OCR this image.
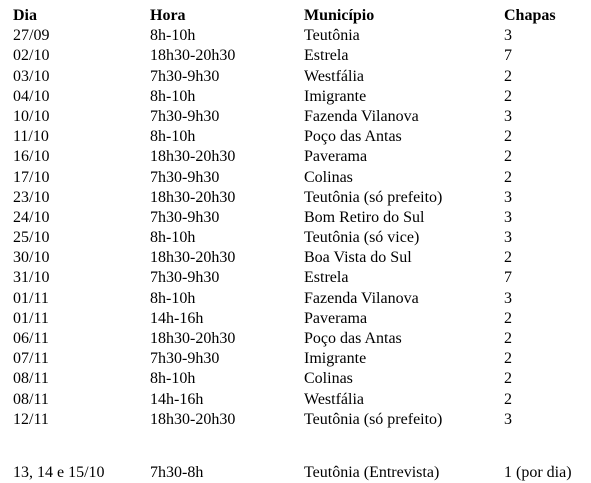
Dia	Hora	Município	Chapas
27/09	8h-10h	Teutônia	3
02/10	18h30-20h30	Estrela	7
03/10	7h30-9h30	Westfália	2
04/10	8h-10h	Imigrante	2
10/10	7h30-9h30	Fazenda Vilanova	3
11/10	8h-10h	Poço das Antas	2
16/10	18h30-20h30	Paverama	2
17/10	7h30-9h30	Colinas	2
23/10	18h30-20h30	Teutônia (só prefeito)	3
24/10	7h30-9h30	Bom Retiro do Sul	3
25/10	8h-10h	Teutônia (só vice)	3
30/10	18h30-20h30	Boa Vista do Sul	2
31/10	7h30-9h30	Estrela	7
01/11	8h-10h	Fazenda Vilanova	3
01/11	14h-16h	Paverama	2
06/11	18h30-20h30	Poço das Antas	2
07/11	7h30-9h30	Imigrante	2
08/11	8h-10h	Colinas	2
08/11	14h-16h	Westfália	2
12/11	18h30-20h30	Teutônia (só prefeito)	3
13, 14 e 15/10	7h30-8h	Teutônia (Entrevista)	1 (por dia)
